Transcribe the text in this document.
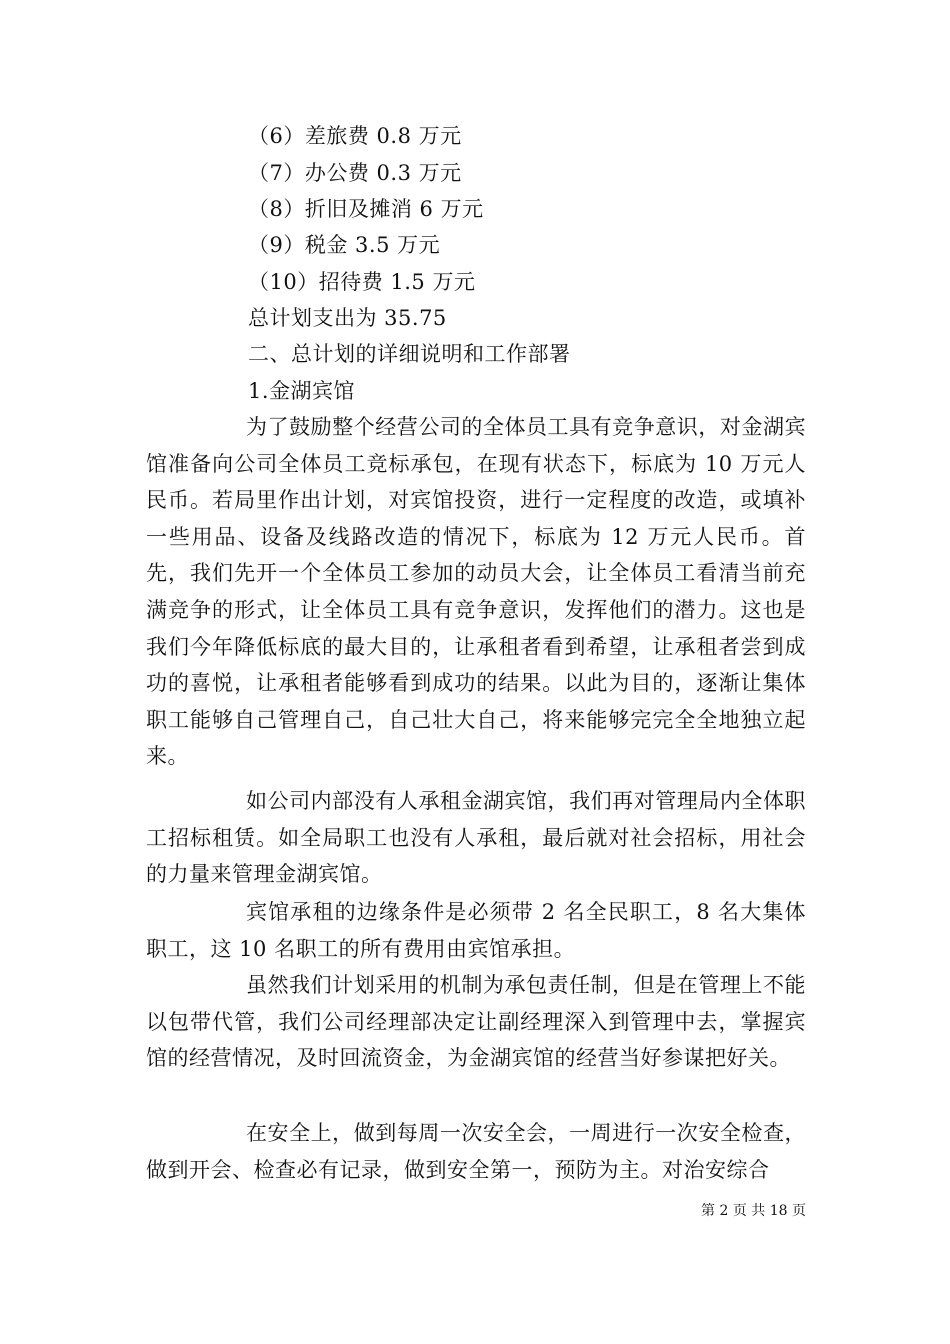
（6）差旅费 0.8 万元
（7）办公费 0.3 万元
（8）折旧及摊消 6 万元
（9）税金 3.5 万元
（10）招待费 1.5 万元
总计划支出为 35.75
二、总计划的详细说明和工作部署
1.金湖宾馆
为了鼓励整个经营公司的全体员工具有竞争意识，对金湖宾馆准备向公司全体员工竞标承包，在现有状态下，标底为 10 万元人民币。若局里作出计划，对宾馆投资，进行一定程度的改造，或填补一些用品、设备及线路改造的情况下，标底为 12 万元人民币。首先，我们先开一个全体员工参加的动员大会，让全体员工看清当前充满竞争的形式，让全体员工具有竞争意识，发挥他们的潜力。这也是我们今年降低标底的最大目的，让承租者看到希望，让承租者尝到成功的喜悦，让承租者能够看到成功的结果。以此为目的，逐渐让集体职工能够自己管理自己，自己壮大自己，将来能够完完全全地独立起来。
如公司内部没有人承租金湖宾馆，我们再对管理局内全体职工招标租赁。如全局职工也没有人承租，最后就对社会招标，用社会的力量来管理金湖宾馆。
宾馆承租的边缘条件是必须带 2 名全民职工，8 名大集体职工，这 10 名职工的所有费用由宾馆承担。
虽然我们计划采用的机制为承包责任制，但是在管理上不能以包带代管，我们公司经理部决定让副经理深入到管理中去，掌握宾馆的经营情况，及时回流资金，为金湖宾馆的经营当好参谋把好关。
在安全上，做到每周一次安全会，一周进行一次安全检查，做到开会、检查必有记录，做到安全第一，预防为主。对治安综合
第 2 页 共 18 页
